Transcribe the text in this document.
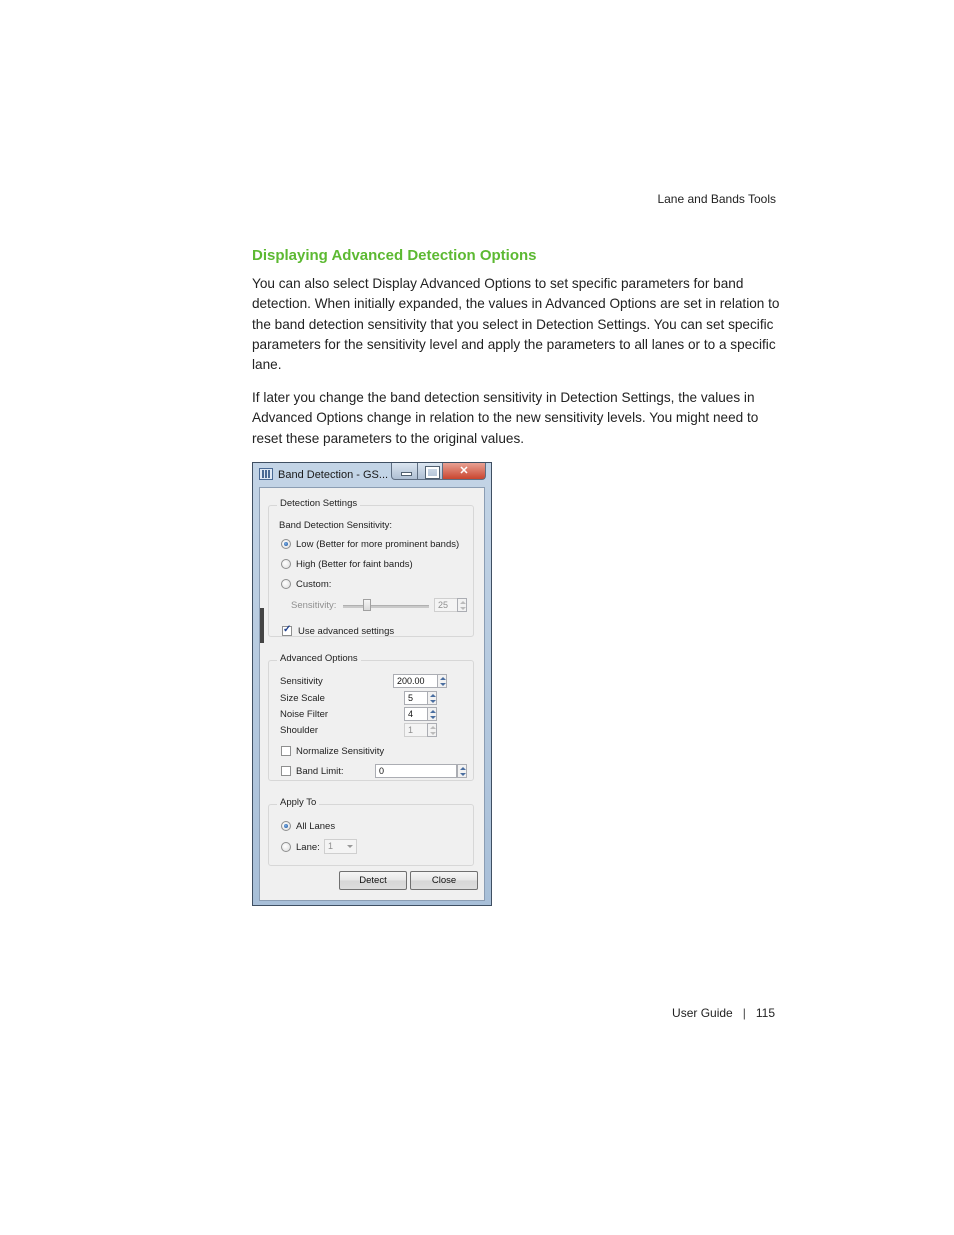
Lane and Bands Tools
Displaying Advanced Detection Options

You can also select Display Advanced Options to set specific parameters for band detection. When initially expanded, the values in Advanced Options are set in relation to the band detection sensitivity that you select in Detection Settings. You can set specific parameters for the sensitivity level and apply the parameters to all lanes or to a specific lane.

If later you change the band detection sensitivity in Detection Settings, the values in Advanced Options change in relation to the new sensitivity levels. You might need to reset these parameters to the original values.

Band Detection - GS...	✕
Detection Settings
Band Detection Sensitivity:
Low (Better for more prominent bands)
High (Better for faint bands)
Custom:
Sensitivity:	25
✓
Use advanced settings
Advanced Options
Sensitivity	200.00
Size Scale	5
Noise Filter	4
Shoulder	1
Normalize Sensitivity
Band Limit:	0
Apply To
All Lanes
Lane: 1
Detect	Close
User Guide | 115
